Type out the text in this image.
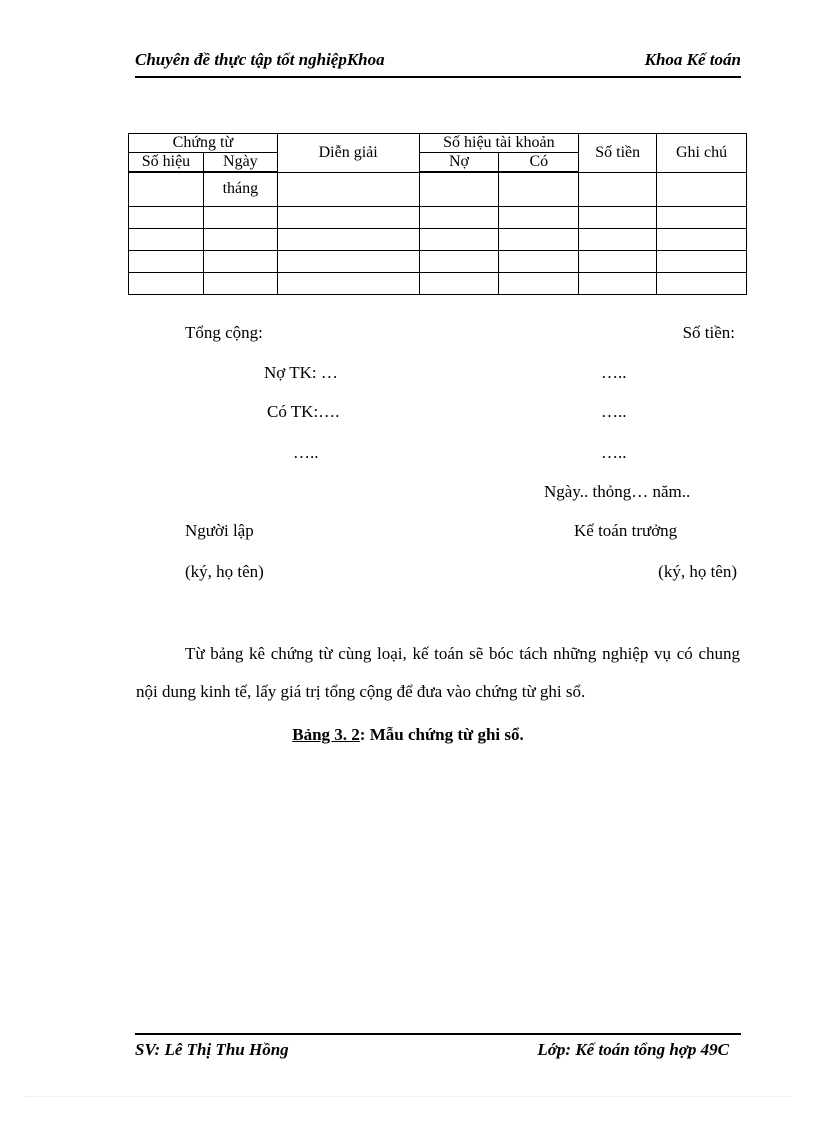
Chuyên đề thực tập tốt nghiệpKhoa	Khoa Kế toán
Chứng từ		Diễn giải	Số hiệu tài khoản		Số tiền	Ghi chú
Số hiệu	Ngày		Nợ	Có		
	tháng					

Tổng cộng:	Số tiền:
Nợ TK: …	…..
Có TK:….	…..
…..	…..
Ngày.. thỏng… năm..
Người lập	Kế toán trưởng
(ký, họ tên)	(ký, họ tên)
Từ bảng kê chứng từ cùng loại, kế toán sẽ bóc tách những nghiệp vụ có chung nội dung kinh tế, lấy giá trị tổng cộng để đưa vào chứng từ ghi sổ.
Bảng 3. 2: Mẫu chứng từ ghi sổ.
SV: Lê Thị Thu Hồng	Lớp: Kế toán tổng hợp 49C
